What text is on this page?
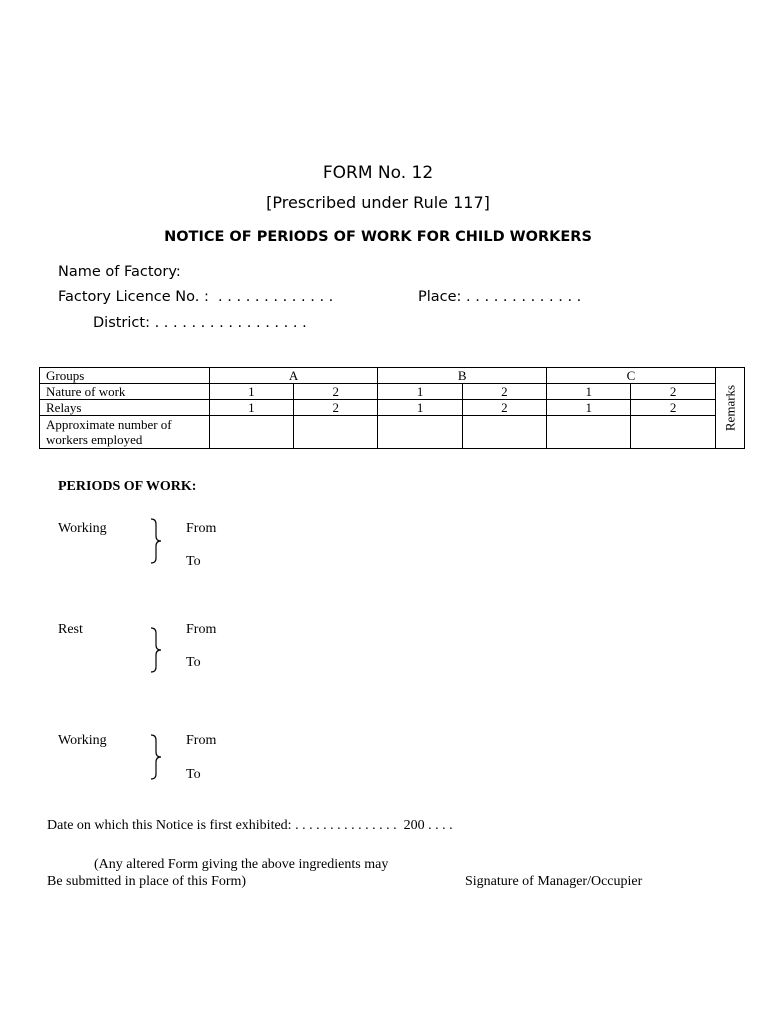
FORM No. 12
[Prescribed under Rule 117]
NOTICE OF PERIODS OF WORK FOR CHILD WORKERS
Name of Factory:
Factory Licence No. :  . . . . . . . . . . . . .	Place: . . . . . . . . . . . . .
District: . . . . . . . . . . . . . . . . .
Groups	A		B		C		Remarks

Nature of work	1	2	1	2	1	2	
Relays	1	2	1	2	1	2	
Approximate number of workers employed							
PERIODS OF WORK:
Working	From
To
Rest	From
To
Working	From
To
Date on which this Notice is first exhibited: . . . . . . . . . . . . . . .  200 . . . .
(Any altered Form giving the above ingredients may
Be submitted in place of this Form)	Signature of Manager/Occupier
